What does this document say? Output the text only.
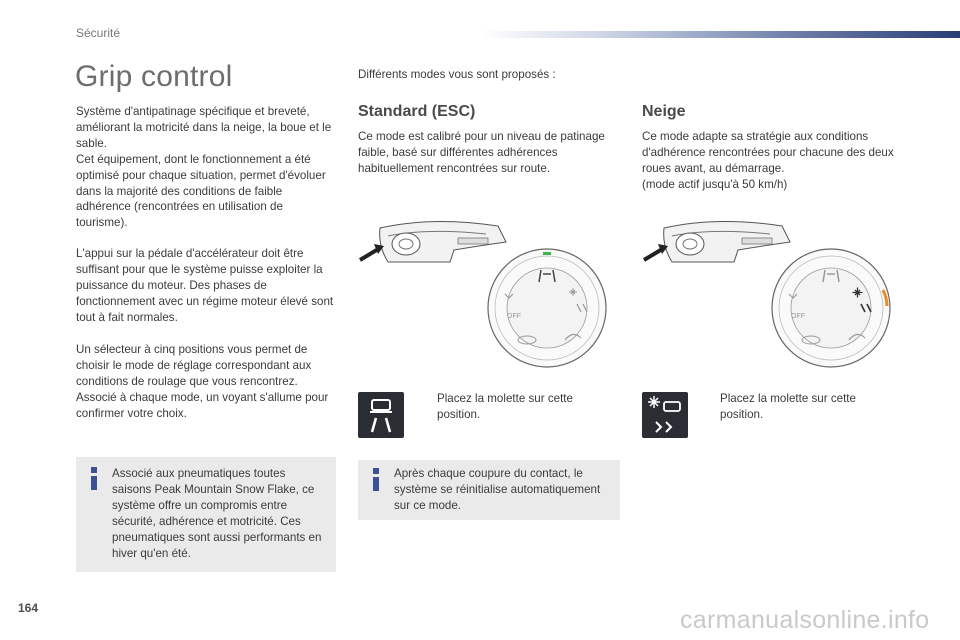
Sécurité
Grip control

Système d'antipatinage spécifique et breveté, améliorant la motricité dans la neige, la boue et le sable.
Cet équipement, dont le fonctionnement a été optimisé pour chaque situation, permet d'évoluer dans la majorité des conditions de faible adhérence (rencontrées en utilisation de tourisme).

L'appui sur la pédale d'accélérateur doit être suffisant pour que le système puisse exploiter la puissance du moteur. Des phases de fonctionnement avec un régime moteur élevé sont tout à fait normales.

Un sélecteur à cinq positions vous permet de choisir le mode de réglage correspondant aux conditions de roulage que vous rencontrez. Associé à chaque mode, un voyant s'allume pour confirmer votre choix.

Associé aux pneumatiques toutes saisons Peak Mountain Snow Flake, ce système offre un compromis entre sécurité, adhérence et motricité. Ces pneumatiques sont aussi performants en hiver qu'en été.

Différents modes vous sont proposés :

Standard (ESC)

Ce mode est calibré pour un niveau de patinage faible, basé sur différentes adhérences habituellement rencontrées sur route.

OFF

Placez la molette sur cette position.

Après chaque coupure du contact, le système se réinitialise automatiquement sur ce mode.

Neige

Ce mode adapte sa stratégie aux conditions d'adhérence rencontrées pour chacune des deux roues avant, au démarrage.
(mode actif jusqu'à 50 km/h)

OFF

Placez la molette sur cette position.

164	carmanualsonline.info
